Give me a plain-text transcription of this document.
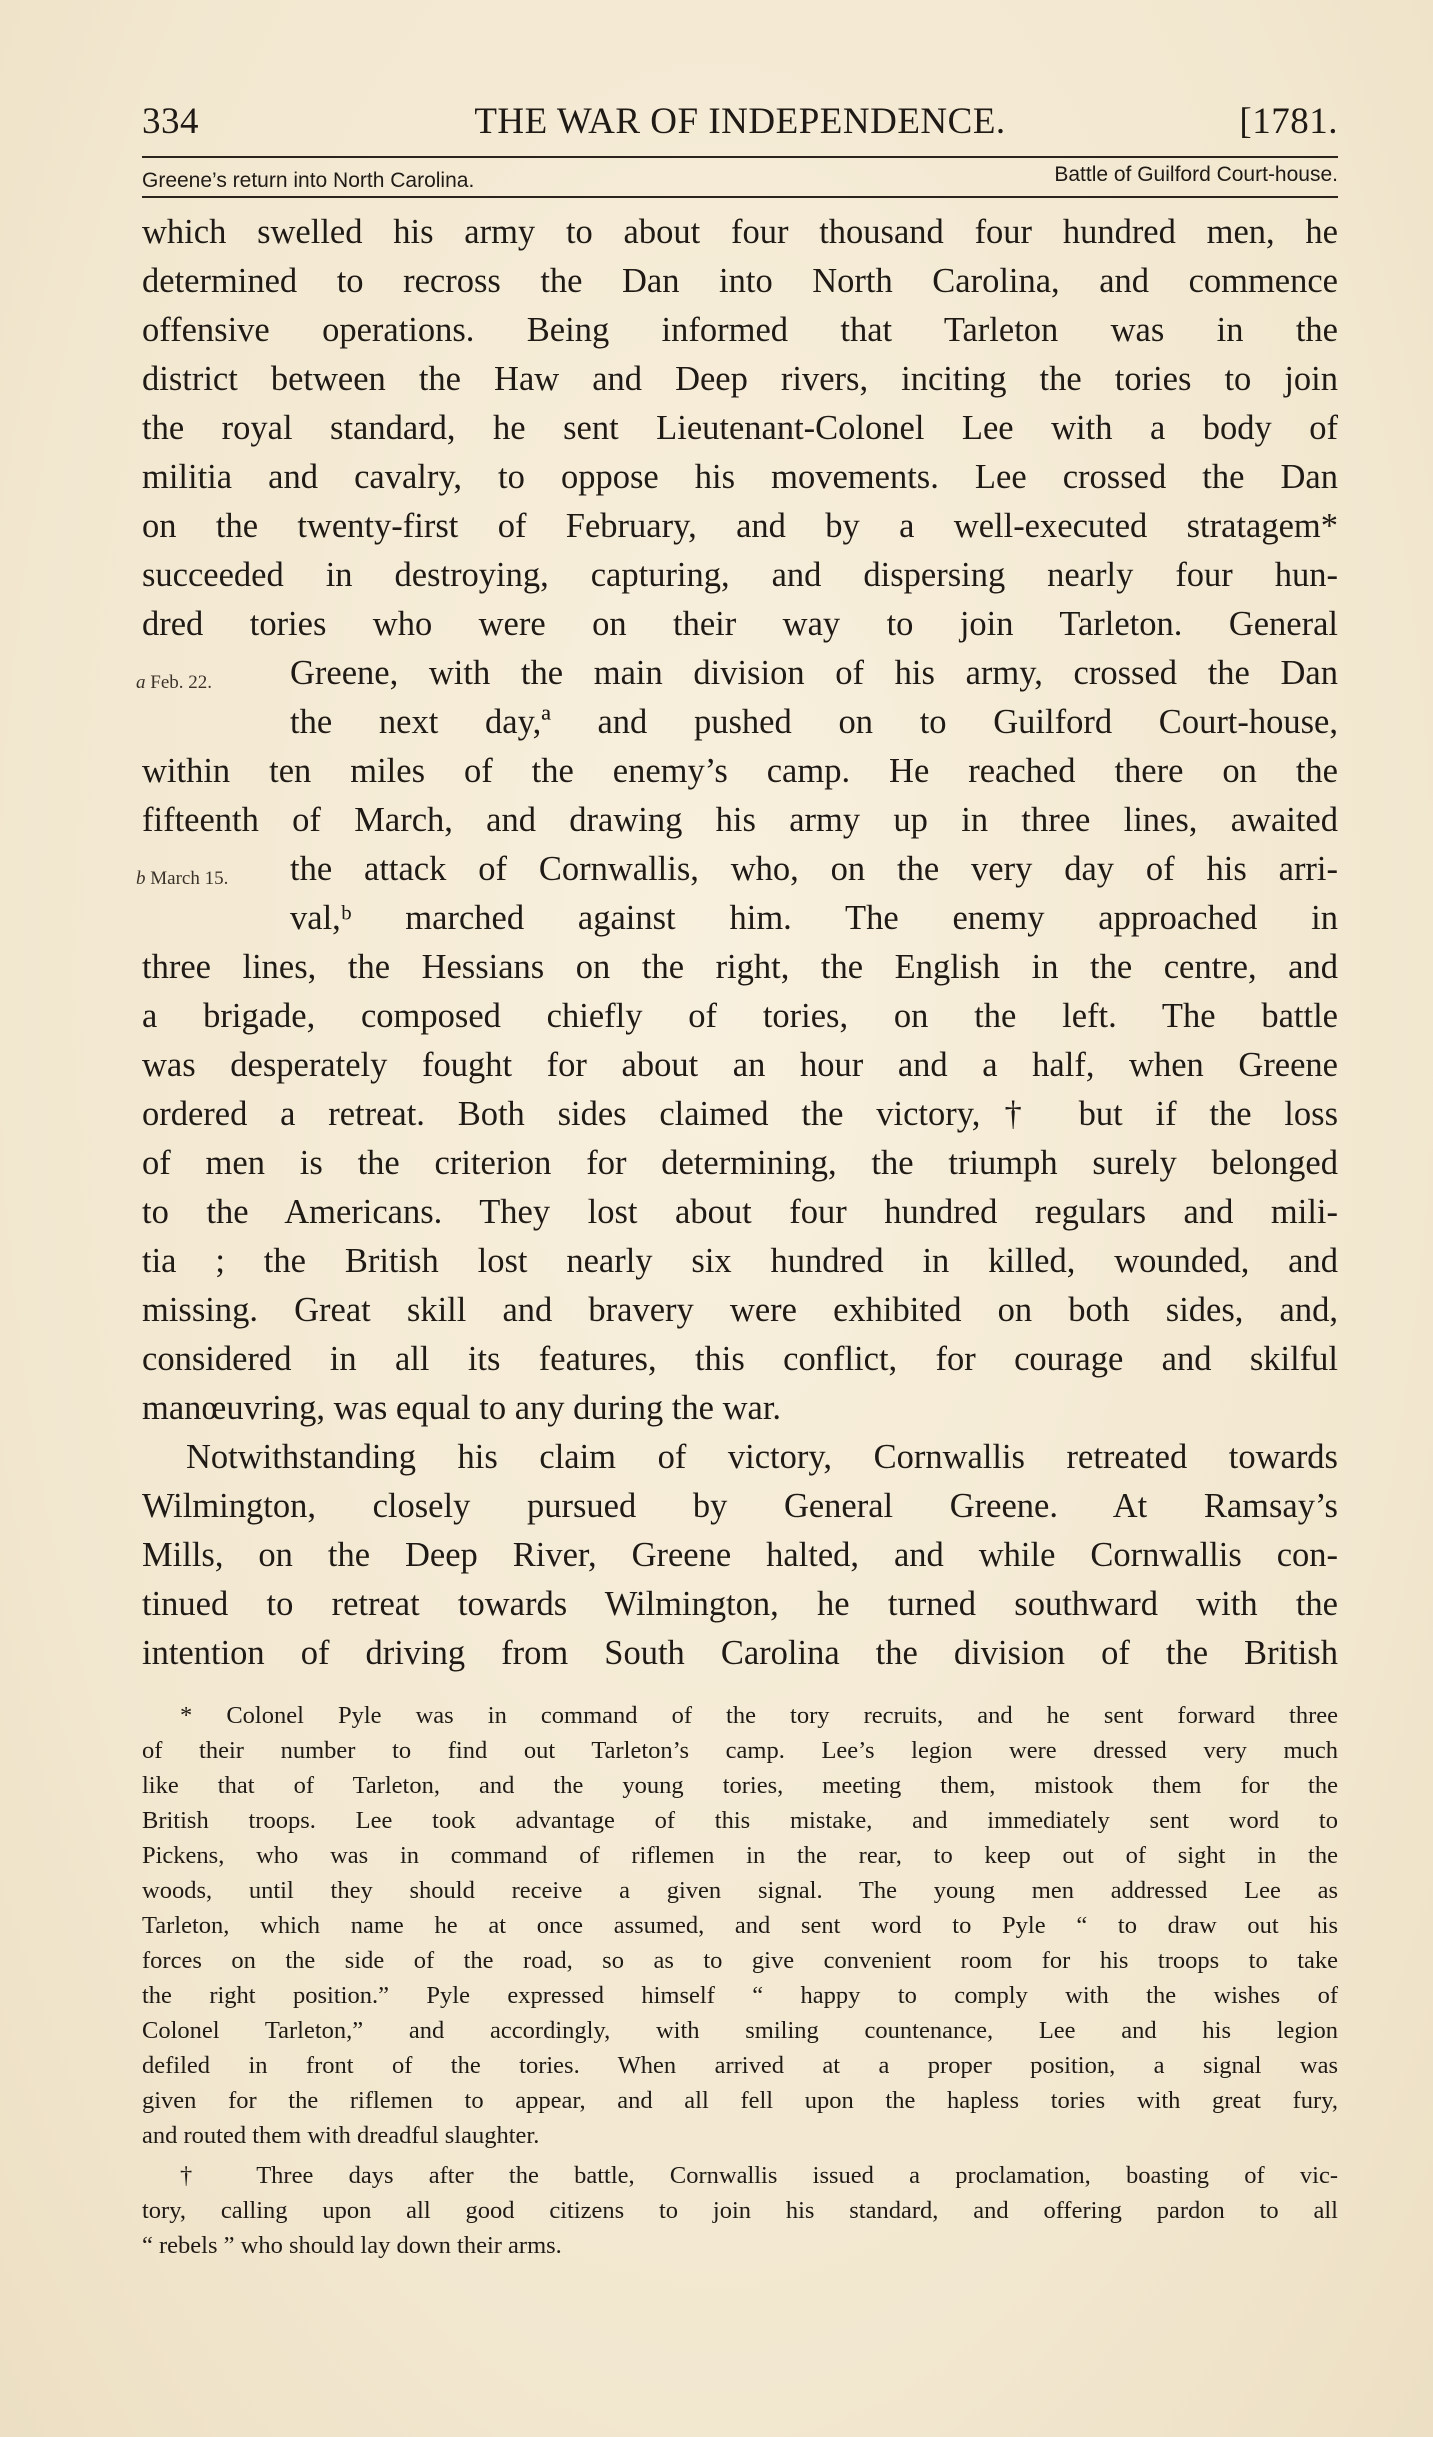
334	THE WAR OF INDEPENDENCE.	[1781.
Greene’s return into North Carolina.	Battle of Guilford Court-house.
which swelled his army to about four thousand four hundred men, he
determined to recross the Dan into North Carolina, and commence
offensive operations. Being informed that Tarleton was in the
district between the Haw and Deep rivers, inciting the tories to join
the royal standard, he sent Lieutenant-Colonel Lee with a body of
militia and cavalry, to oppose his movements. Lee crossed the Dan
on the twenty-first of February, and by a well-executed stratagem*
succeeded in destroying, capturing, and dispersing nearly four hun-
dred tories who were on their way to join Tarleton. General
Greene, with the main division of his army, crossed the Dan
the next day,ª and pushed on to Guilford Court-house,
within ten miles of the enemy’s camp. He reached there on the
fifteenth of March, and drawing his army up in three lines, awaited
the attack of Cornwallis, who, on the very day of his arri-
val,ᵇ marched against him. The enemy approached in
three lines, the Hessians on the right, the English in the centre, and
a brigade, composed chiefly of tories, on the left. The battle
was desperately fought for about an hour and a half, when Greene
ordered a retreat. Both sides claimed the victory,† but if the loss
of men is the criterion for determining, the triumph surely belonged
to the Americans. They lost about four hundred regulars and mili-
tia ; the British lost nearly six hundred in killed, wounded, and
missing. Great skill and bravery were exhibited on both sides, and,
considered in all its features, this conflict, for courage and skilful
manœuvring, was equal to any during the war.
Notwithstanding his claim of victory, Cornwallis retreated towards
Wilmington, closely pursued by General Greene. At Ramsay’s
Mills, on the Deep River, Greene halted, and while Cornwallis con-
tinued to retreat towards Wilmington, he turned southward with the
intention of driving from South Carolina the division of the British
a Feb. 22.
b March 15.
* Colonel Pyle was in command of the tory recruits, and he sent forward three
of their number to find out Tarleton’s camp. Lee’s legion were dressed very much
like that of Tarleton, and the young tories, meeting them, mistook them for the
British troops. Lee took advantage of this mistake, and immediately sent word to
Pickens, who was in command of riflemen in the rear, to keep out of sight in the
woods, until they should receive a given signal. The young men addressed Lee as
Tarleton, which name he at once assumed, and sent word to Pyle “ to draw out his
forces on the side of the road, so as to give convenient room for his troops to take
the right position.” Pyle expressed himself “ happy to comply with the wishes of
Colonel Tarleton,” and accordingly, with smiling countenance, Lee and his legion
defiled in front of the tories. When arrived at a proper position, a signal was
given for the riflemen to appear, and all fell upon the hapless tories with great fury,
and routed them with dreadful slaughter.
† Three days after the battle, Cornwallis issued a proclamation, boasting of vic-
tory, calling upon all good citizens to join his standard, and offering pardon to all
“ rebels ” who should lay down their arms.
